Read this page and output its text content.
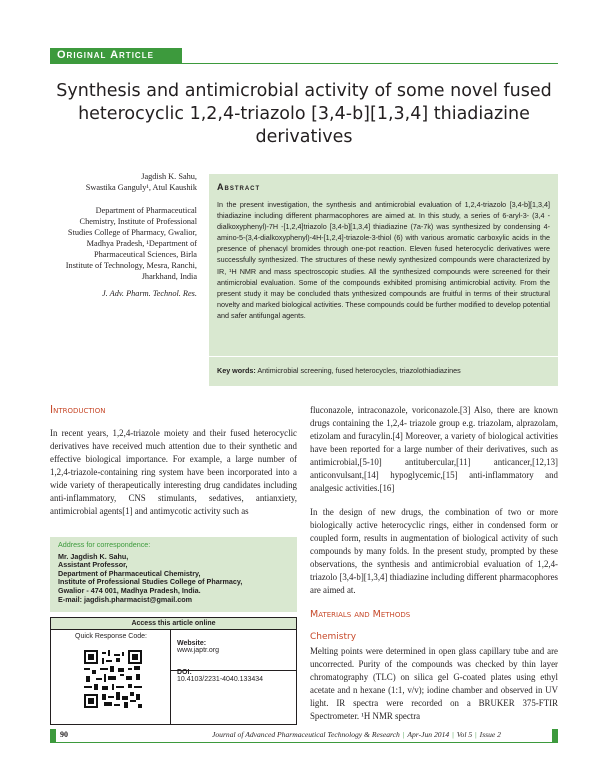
Original Article
Synthesis and antimicrobial activity of some novel fused heterocyclic 1,2,4-triazolo [3,4-b][1,3,4] thiadiazine derivatives
Jagdish K. Sahu,
Swastika Ganguly¹, Atul Kaushik
Department of Pharmaceutical
Chemistry, Institute of Professional
Studies College of Pharmacy, Gwalior,
Madhya Pradesh, ¹Department of
Pharmaceutical Sciences, Birla
Institute of Technology, Mesra, Ranchi,
Jharkhand, India
J. Adv. Pharm. Technol. Res.
Abstract
In the present investigation, the synthesis and antimicrobial evaluation of 1,2,4-triazolo [3,4-b][1,3,4] thiadiazine including different pharmacophores are aimed at. In this study, a series of 6-aryl-3- (3,4 -dialkoxyphenyl)-7H -[1,2,4]triazolo [3,4-b][1,3,4] thiadiazine (7a-7k) was synthesized by condensing 4-amino-5-(3,4-dialkoxyphenyl)-4H-[1,2,4]-triazole-3-thiol (6) with various aromatic carboxylic acids in the presence of phenacyl bromides through one-pot reaction. Eleven fused heterocyclic derivatives were successfully synthesized. The structures of these newly synthesized compounds were characterized by IR, ¹H NMR and mass spectroscopic studies. All the synthesized compounds were screened for their antimicrobial evaluation. Some of the compounds exhibited promising antimicrobial activity. From the present study it may be concluded thats ynthesized compounds are fruitful in terms of their structural novelty and marked biological activities. These compounds could be further modified to develop potential and safer antifungal agents.
Key words: Antimicrobial screening, fused heterocycles, triazolothiadiazines
Introduction
In recent years, 1,2,4-triazole moiety and their fused heterocyclic derivatives have received much attention due to their synthetic and effective biological importance. For example, a large number of 1,2,4-triazole-containing ring system have been incorporated into a wide variety of therapeutically interesting drug candidates including anti-inflammatory, CNS stimulants, sedatives, antianxiety, antimicrobial agents[1] and antimycotic activity such as
fluconazole, intraconazole, voriconazole.[3] Also, there are known drugs containing the 1,2,4- triazole group e.g. triazolam, alprazolam, etizolam and furacylin.[4] Moreover, a variety of biological activities have been reported for a large number of their derivatives, such as antimicrobial,[5-10] antitubercular,[11] anticancer,[12,13] anticonvulsant,[14] hypoglycemic,[15] anti-inflammatory and analgesic activities.[16]
In the design of new drugs, the combination of two or more biologically active heterocyclic rings, either in condensed form or coupled form, results in augmentation of biological activity of such compounds by many folds. In the present study, prompted by these observations, the synthesis and antimicrobial evaluation of 1,2,4-triazolo [3,4-b][1,3,4] thiadiazine including different pharmacophores are aimed at.
Materials and Methods
Chemistry
Melting points were determined in open glass capillary tube and are uncorrected. Purity of the compounds was checked by thin layer chromatography (TLC) on silica gel G-coated plates using ethyl acetate and n hexane (1:1, v/v); iodine chamber and observed in UV light. IR spectra were recorded on a BRUKER 375-FTIR Spectrometer. ¹H NMR spectra
Address for correspondence:

Mr. Jagdish K. Sahu,

Assistant Professor,

Department of Pharmaceutical Chemistry,

Institute of Professional Studies College of Pharmacy,

Gwalior - 474 001, Madhya Pradesh, India.

E-mail: jagdish.pharmacist@gmail.com

Access this article online
Quick Response Code:
Website:
www.japtr.org
DOI:
10.4103/2231-4040.133434
90	Journal of Advanced Pharmaceutical Technology & Research | Apr-Jun 2014 | Vol 5 | Issue 2
